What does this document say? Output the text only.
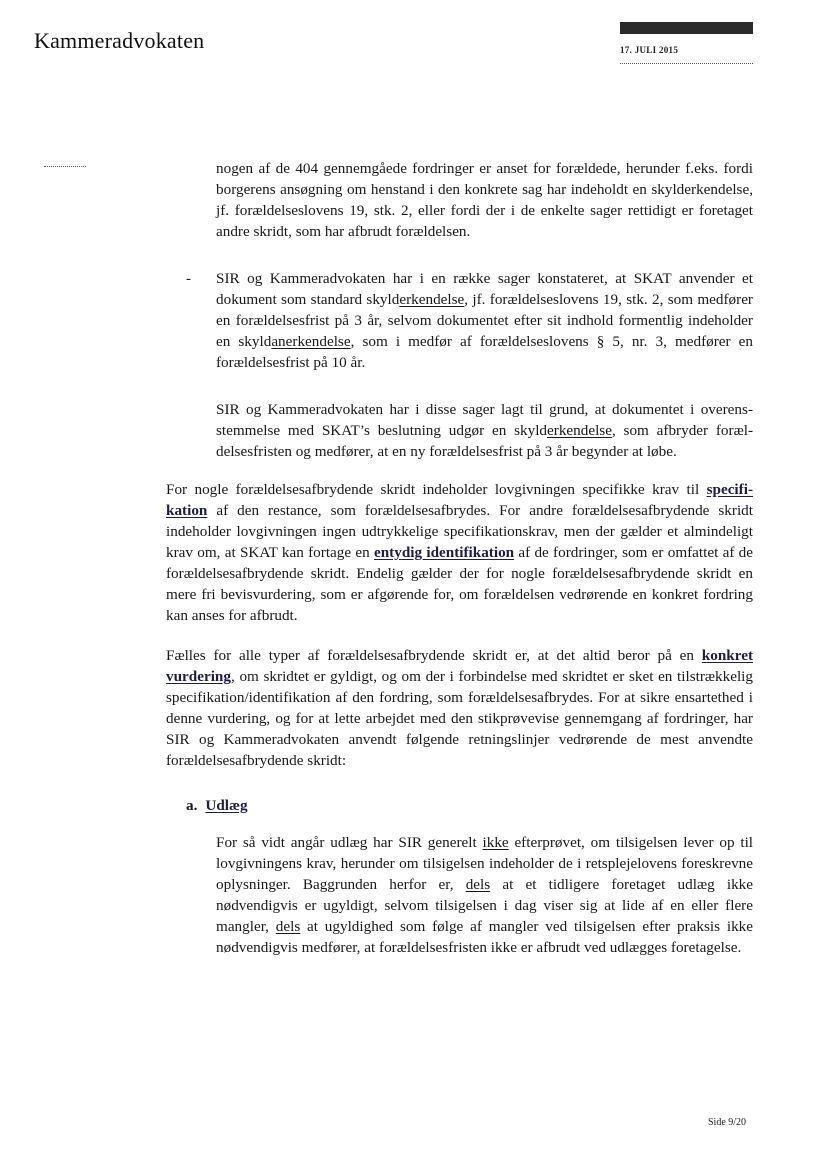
Kammeradvokaten	17. JULI 2015

nogen af de 404 gennemgåede fordringer er anset for forældede, herunder f.eks. fordi borgerens ansøgning om henstand i den konkrete sag har indeholdt en skylderkendelse, jf. forældelseslovens 19, stk. 2, eller fordi der i de enkelte sager rettidigt er foretaget andre skridt, som har afbrudt forældelsen.

- SIR og Kammeradvokaten har i en række sager konstateret, at SKAT anvender et dokument som standard skylderkendelse, jf. forældelseslovens 19, stk. 2, som medfører en forældelsesfrist på 3 år, selvom dokumentet efter sit indhold formentlig indeholder en skyldanerkendelse, som i medfør af forældelseslovens § 5, nr. 3, medfører en forældelsesfrist på 10 år.

SIR og Kammeradvokaten har i disse sager lagt til grund, at dokumentet i overensstemmelse med SKAT’s beslutning udgør en skylderkendelse, som afbryder forældelsesfristen og medfører, at en ny forældelsesfrist på 3 år begynder at løbe.

For nogle forældelsesafbrydende skridt indeholder lovgivningen specifikke krav til specifikation af den restance, som forældelsesafbrydes. For andre forældelsesafbrydende skridt indeholder lovgivningen ingen udtrykkelige specifikationskrav, men der gælder et almindeligt krav om, at SKAT kan fortage en entydig identifikation af de fordringer, som er omfattet af de forældelsesafbrydende skridt. Endelig gælder der for nogle forældelsesafbrydende skridt en mere fri bevisvurdering, som er afgørende for, om forældelsen vedrørende en konkret fordring kan anses for afbrudt.

Fælles for alle typer af forældelsesafbrydende skridt er, at det altid beror på en konkret vurdering, om skridtet er gyldigt, og om der i forbindelse med skridtet er sket en tilstrækkelig specifikation/identifikation af den fordring, som forældelsesafbrydes. For at sikre ensartethed i denne vurdering, og for at lette arbejdet med den stikprøvevise gennemgang af fordringer, har SIR og Kammeradvokaten anvendt følgende retningslinjer vedrørende de mest anvendte forældelsesafbrydende skridt:

a. Udlæg

For så vidt angår udlæg har SIR generelt ikke efterprøvet, om tilsigelsen lever op til lovgivningens krav, herunder om tilsigelsen indeholder de i retsplejelovens foreskrevne oplysninger. Baggrunden herfor er, dels at et tidligere foretaget udlæg ikke nødvendigvis er ugyldigt, selvom tilsigelsen i dag viser sig at lide af en eller flere mangler, dels at ugyldighed som følge af mangler ved tilsigelsen efter praksis ikke nødvendigvis medfører, at forældelsesfristen ikke er afbrudt ved udlægges foretagelse.

Side 9/20
